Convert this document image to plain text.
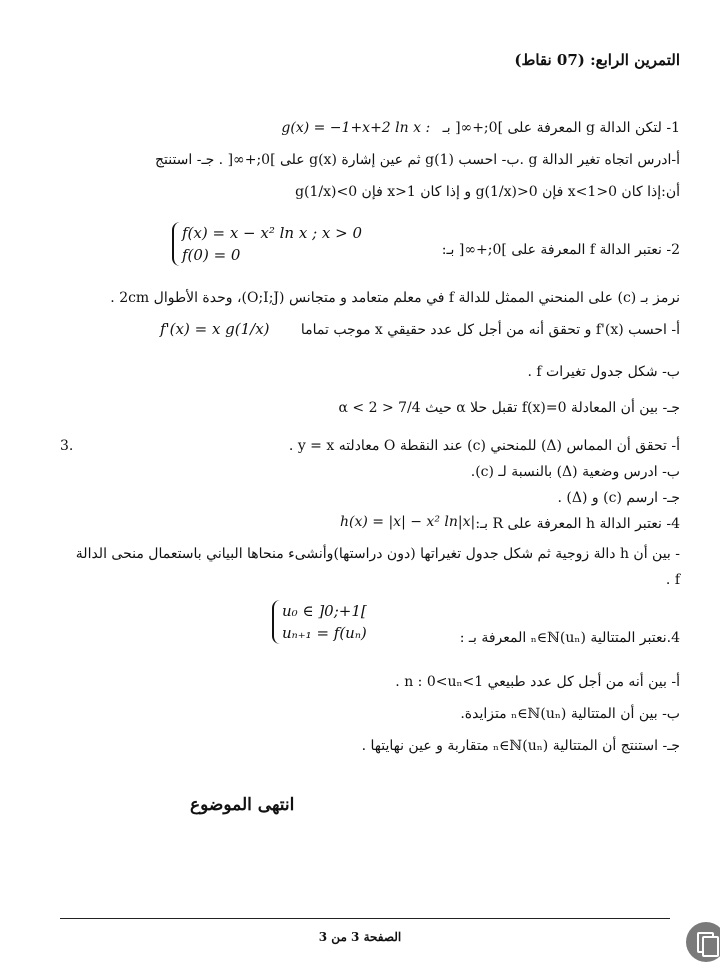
التمرين الرابع: (07 نقاط)
1- لتكن الدالة g المعرفة على ]0;+∞[ بـ g(x) = −1+x+2 ln x :
أ-ادرس اتجاه تغير الدالة g .ب- احسب g(1) ثم عين إشارة g(x) على ]0;+∞[ . جـ- استنتج
أن:إذا كان 0<x<1 فإن g(1/x)>0 و إذا كان x>1 فإن g(1/x)<0
2- نعتبر الدالة f المعرفة على ]0;+∞[ بـ:
f(x) = x − x² ln x ; x > 0
f(0) = 0
نرمز بـ (c) على المنحني الممثل للدالة f في معلم متعامد و متجانس (O;I;J)، وحدة الأطوال 2cm .
أ- احسب f'(x) و تحقق أنه من أجل كل عدد حقيقي x موجب تماما
f'(x) = x g(1/x)
ب- شكل جدول تغيرات f .
جـ- بين أن المعادلة f(x)=0 تقبل حلا α حيث 7/4 < α < 2
3.	أ- تحقق أن المماس (Δ) للمنحني (c) عند النقطة O معادلته y = x .
ب- ادرس وضعية (Δ) بالنسبة لـ (c).
جـ- ارسم (c) و (Δ) .
4- نعتبر الدالة h المعرفة على R بـ:
h(x) = |x| − x² ln|x|
- بين أن h دالة زوجية ثم شكل جدول تغيراتها (دون دراستها)وأنشىء منحاها البياني باستعمال منحى الدالة
f .
4.نعتبر المتتالية (uₙ)ₙ∈ℕ المعرفة بـ :
u₀ ∈ ]0;+1[
uₙ₊₁ = f(uₙ)
أ- بين أنه من أجل كل عدد طبيعي n : 0<uₙ<1 .
ب- بين أن المتتالية (uₙ)ₙ∈ℕ متزايدة.
جـ- استنتج أن المتتالية (uₙ)ₙ∈ℕ متقاربة و عين نهايتها .
انتهى الموضوع
الصفحة 3 من 3
